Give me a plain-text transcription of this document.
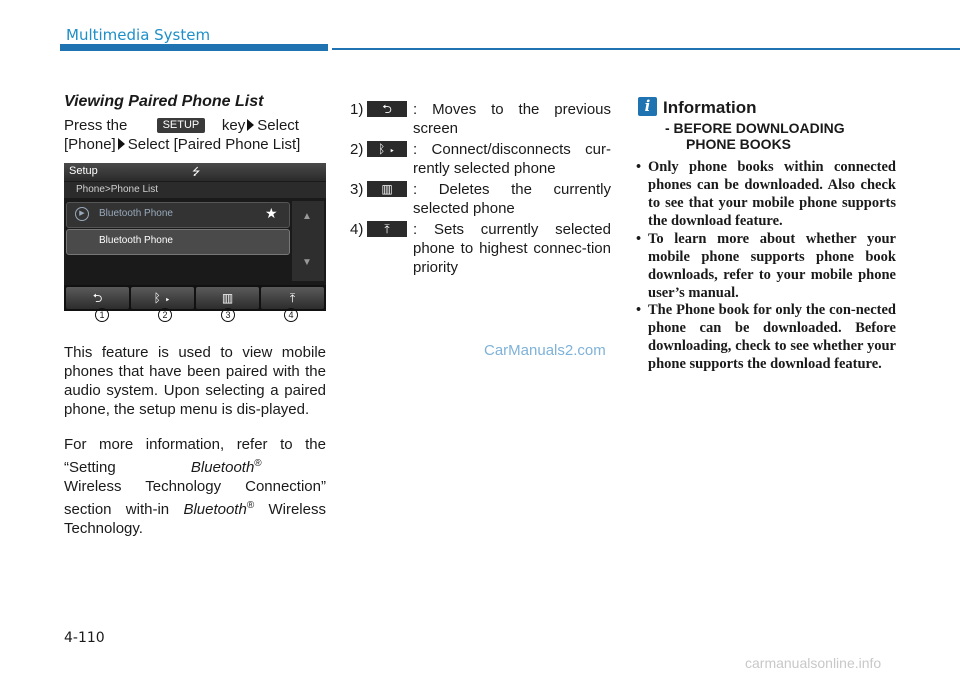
Multimedia System
Viewing Paired Phone List
Press the	SETUP key Select
[Phone] Select [Paired Phone List]
Setup	⭍
Phone>Phone List
▶	Bluetooth Phone	★
Bluetooth Phone
▲
▼
⮌	ᛒ ▸	▥	⤒
1	2	3	4
This feature is used to view mobile phones that have been paired with the audio system. Upon selecting a paired phone, the setup menu is dis-played.
For more information, refer to the “Setting	Bluetooth®          Wireless Technology Connection” section with-in Bluetooth® Wireless Technology.
1)	⮌	: Moves to the previous screen
2)	ᛒ ▸	: Connect/disconnects cur-rently selected phone
3)	▥	: Deletes the currently selected phone
4)	⤒	: Sets currently selected phone to highest connec-tion priority
i Information
- BEFORE DOWNLOADING
PHONE BOOKS
• Only phone books within connected phones can be downloaded. Also check to see that your mobile phone supports the download feature.
• To learn more about whether your mobile phone supports phone book downloads, refer to your mobile phone user’s manual.
• The Phone book for only the con-nected phone can be downloaded. Before downloading, check to see whether your phone supports the download feature.
CarManuals2.com
4-110
carmanualsonline.info
